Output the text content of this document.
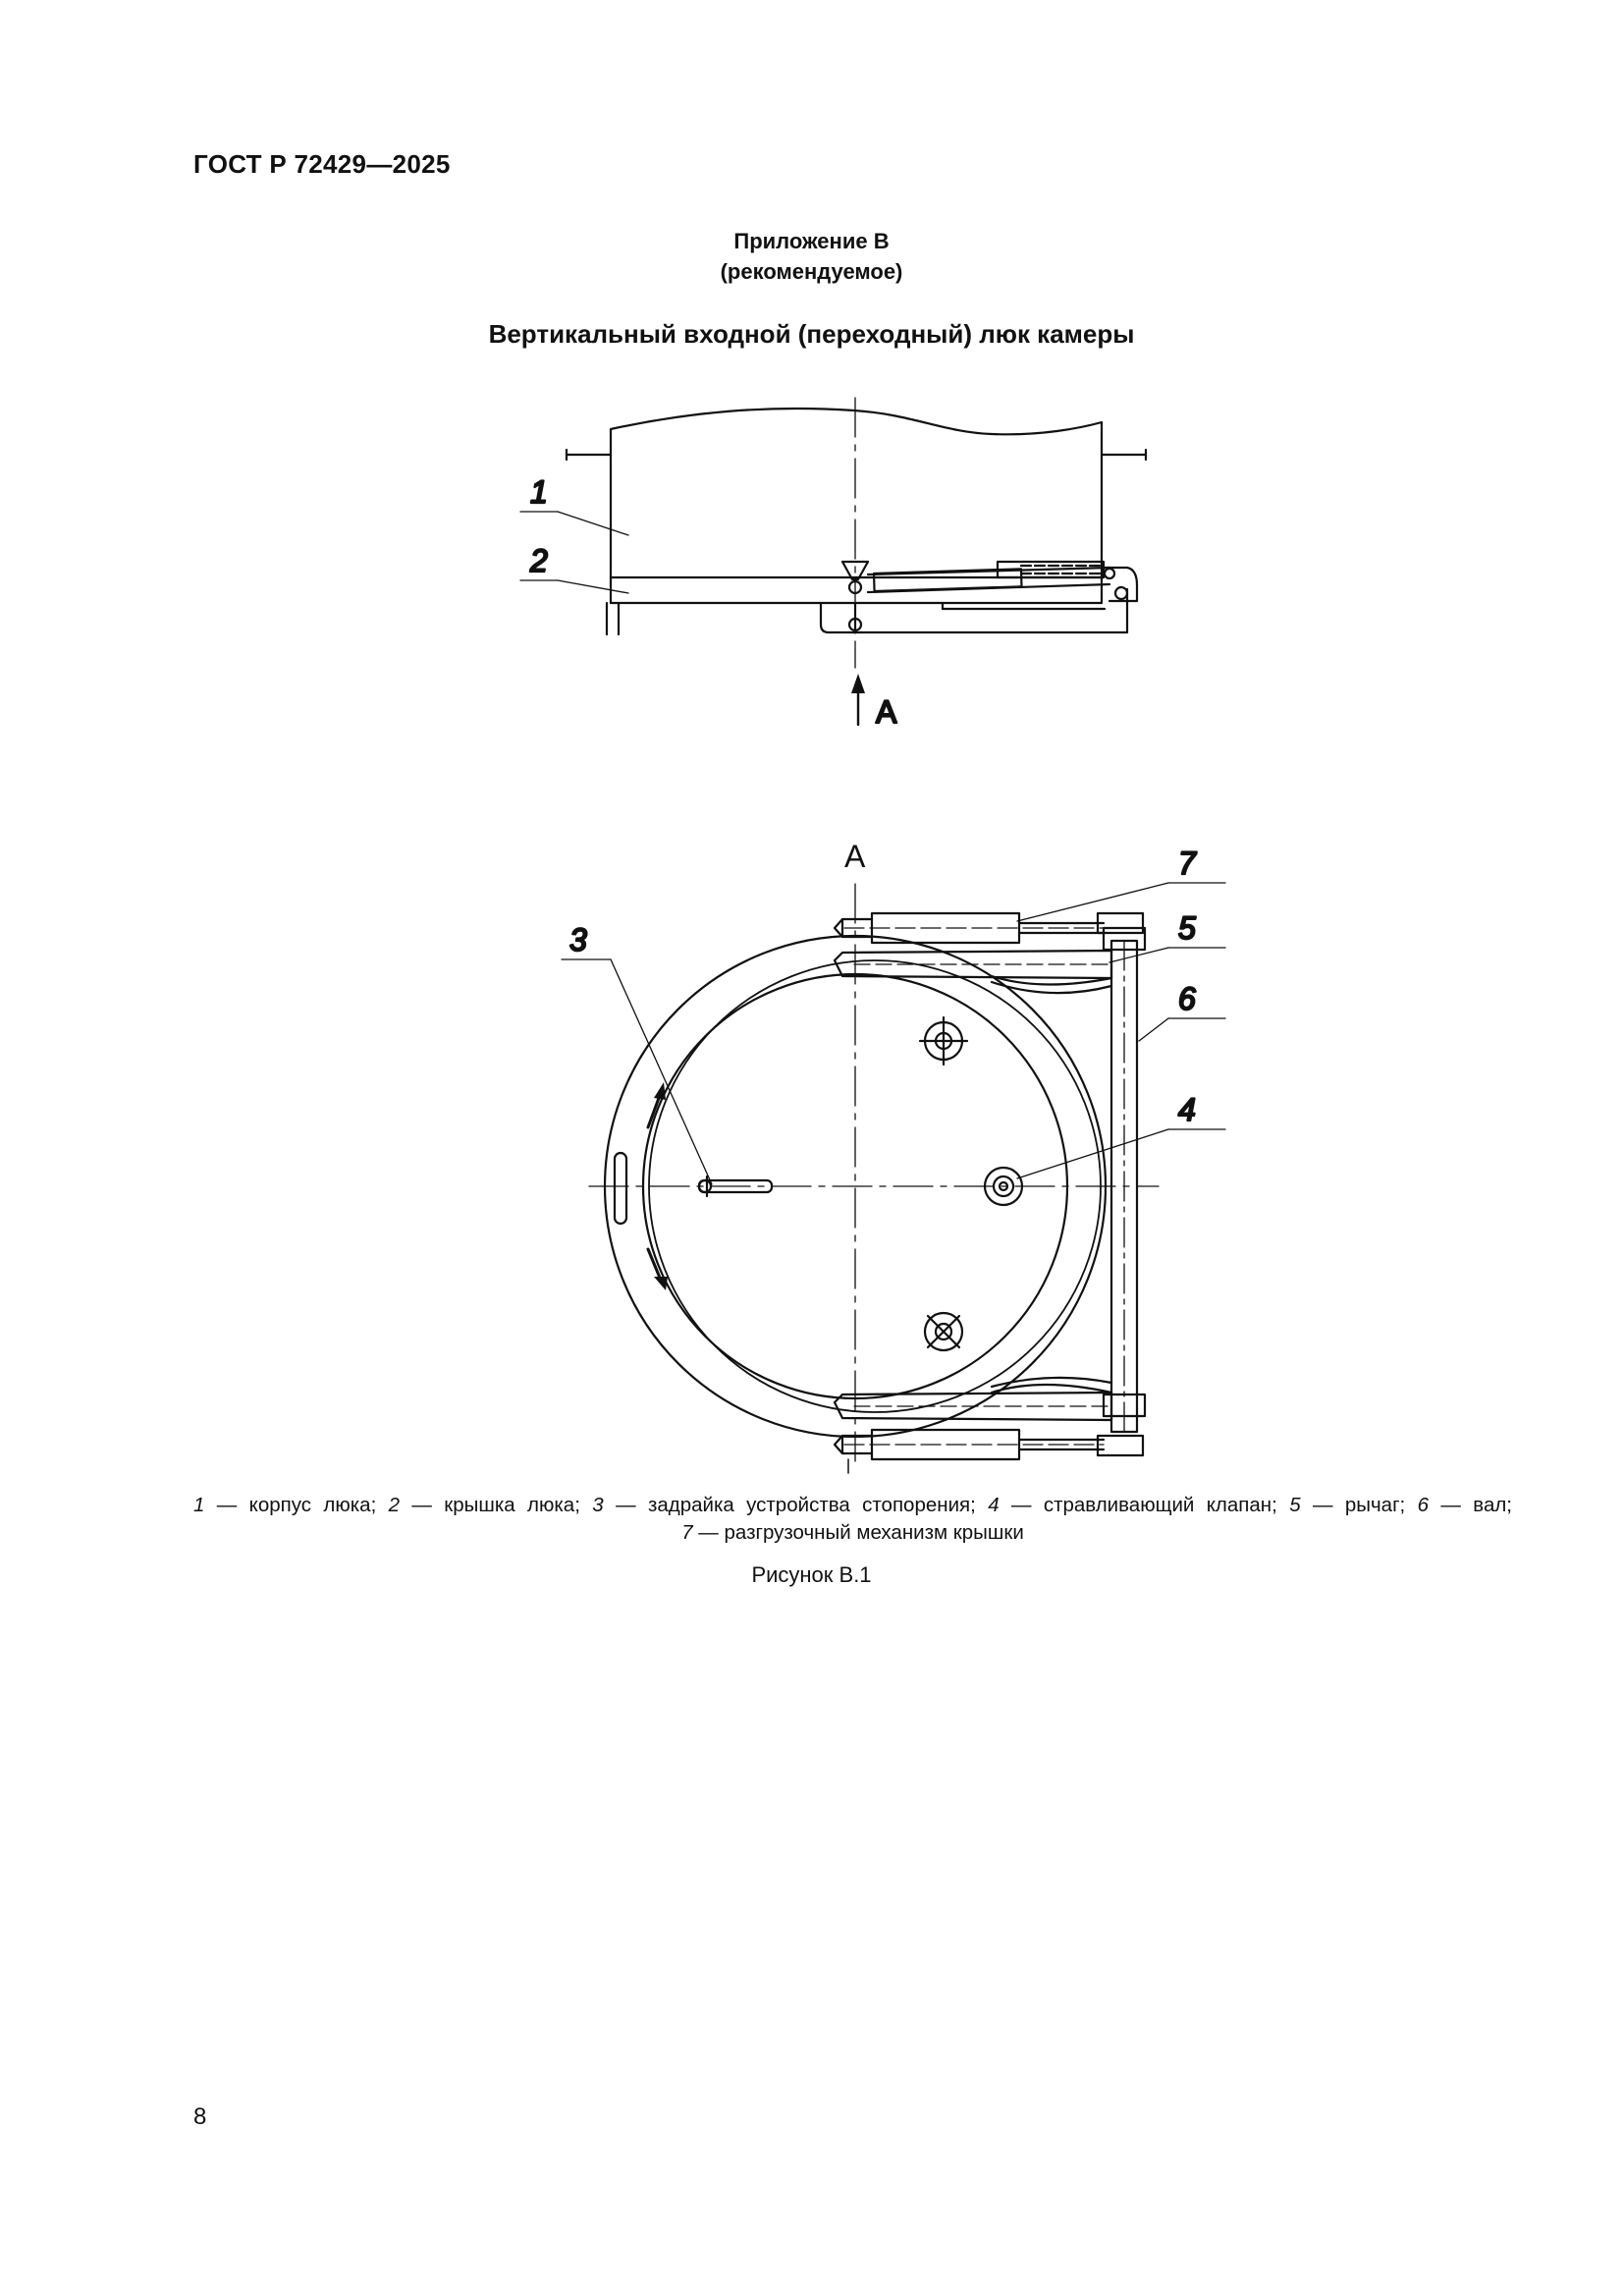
ГОСТ Р 72429—2025
Приложение В
(рекомендуемое)
Вертикальный входной (переходный) люк камеры
1
2
А
А	7
5
6
4
3
1 — корпус люка; 2 — крышка люка; 3 — задрайка устройства стопорения; 4 — стравливающий клапан; 5 — рычаг; 6 — вал;
7 — разгрузочный механизм крышки
Рисунок В.1
8
